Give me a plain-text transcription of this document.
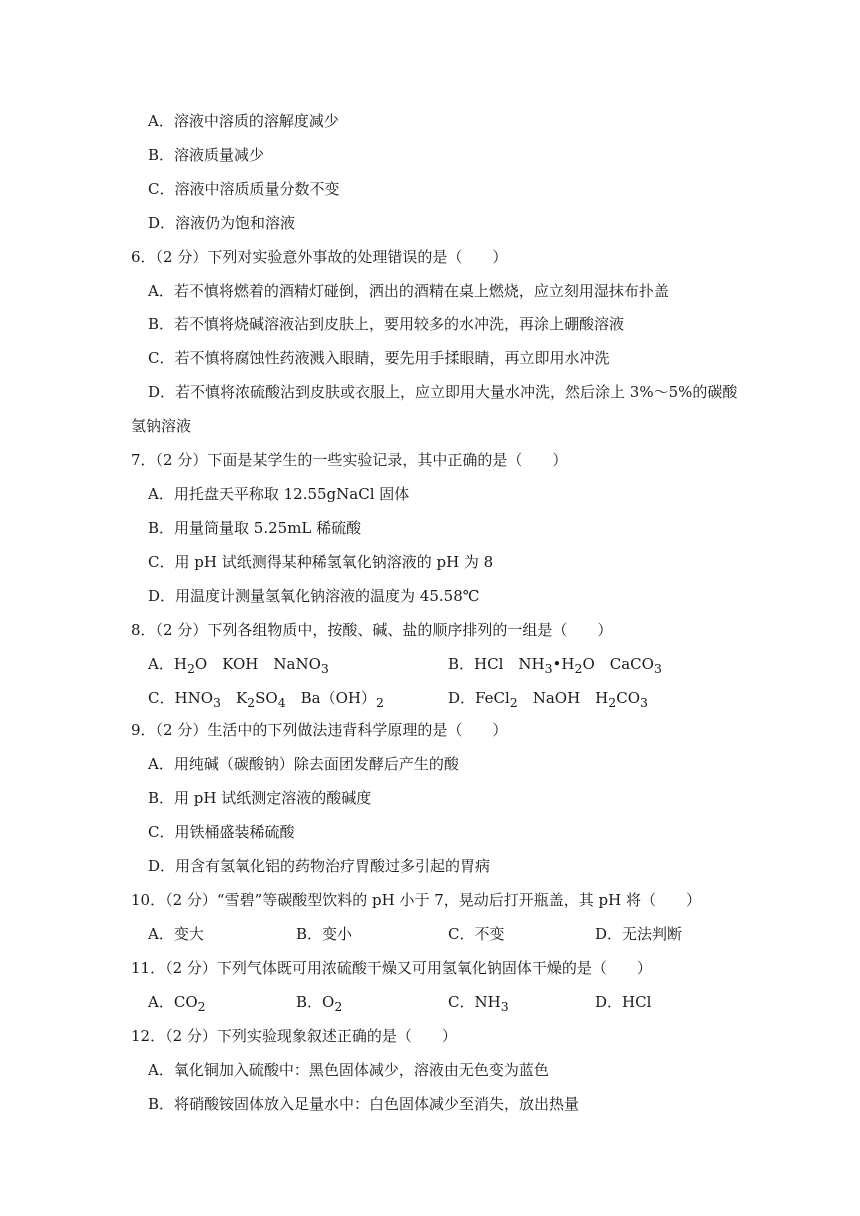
A．溶液中溶质的溶解度减少
B．溶液质量减少
C．溶液中溶质质量分数不变
D．溶液仍为饱和溶液
6．（2 分）下列对实验意外事故的处理错误的是（　　）
A．若不慎将燃着的酒精灯碰倒，洒出的酒精在桌上燃烧，应立刻用湿抹布扑盖
B．若不慎将烧碱溶液沾到皮肤上，要用较多的水冲洗，再涂上硼酸溶液
C．若不慎将腐蚀性药液溅入眼睛，要先用手揉眼睛，再立即用水冲洗
D．若不慎将浓硫酸沾到皮肤或衣服上，应立即用大量水冲洗，然后涂上 3%～5%的碳酸
氢钠溶液
7．（2 分）下面是某学生的一些实验记录，其中正确的是（　　）
A．用托盘天平称取 12.55gNaCl 固体
B．用量筒量取 5.25mL 稀硫酸
C．用 pH 试纸测得某种稀氢氧化钠溶液的 pH 为 8
D．用温度计测量氢氧化钠溶液的温度为 45.58℃
8．（2 分）下列各组物质中，按酸、碱、盐的顺序排列的一组是（　　）
A．$H_2O$　KOH　NaNO$_3$	B．HCl　$NH_3•H_2O$　CaCO$_3$
C．$HNO_3$　$K_2SO_4$　$Ba(OH)_2$	D．FeCl$_2$　NaOH　$H_2CO_3$
9．（2 分）生活中的下列做法违背科学原理的是（　　）
A．用纯碱（碳酸钠）除去面团发酵后产生的酸
B．用 pH 试纸测定溶液的酸碱度
C．用铁桶盛装稀硫酸
D．用含有氢氧化铝的药物治疗胃酸过多引起的胃病
10．（2 分）“雪碧”等碳酸型饮料的 pH 小于 7，晃动后打开瓶盖，其 pH 将（　　）
A．变大	B．变小	C．不变	D．无法判断
11．（2 分）下列气体既可用浓硫酸干燥又可用氢氧化钠固体干燥的是（　　）
A．$CO_2$	B．$O_2$	C．$NH_3$	D．HCl
12．（2 分）下列实验现象叙述正确的是（　　）
A．氧化铜加入硫酸中：黑色固体减少，溶液由无色变为蓝色
B．将硝酸铵固体放入足量水中：白色固体减少至消失，放出热量
